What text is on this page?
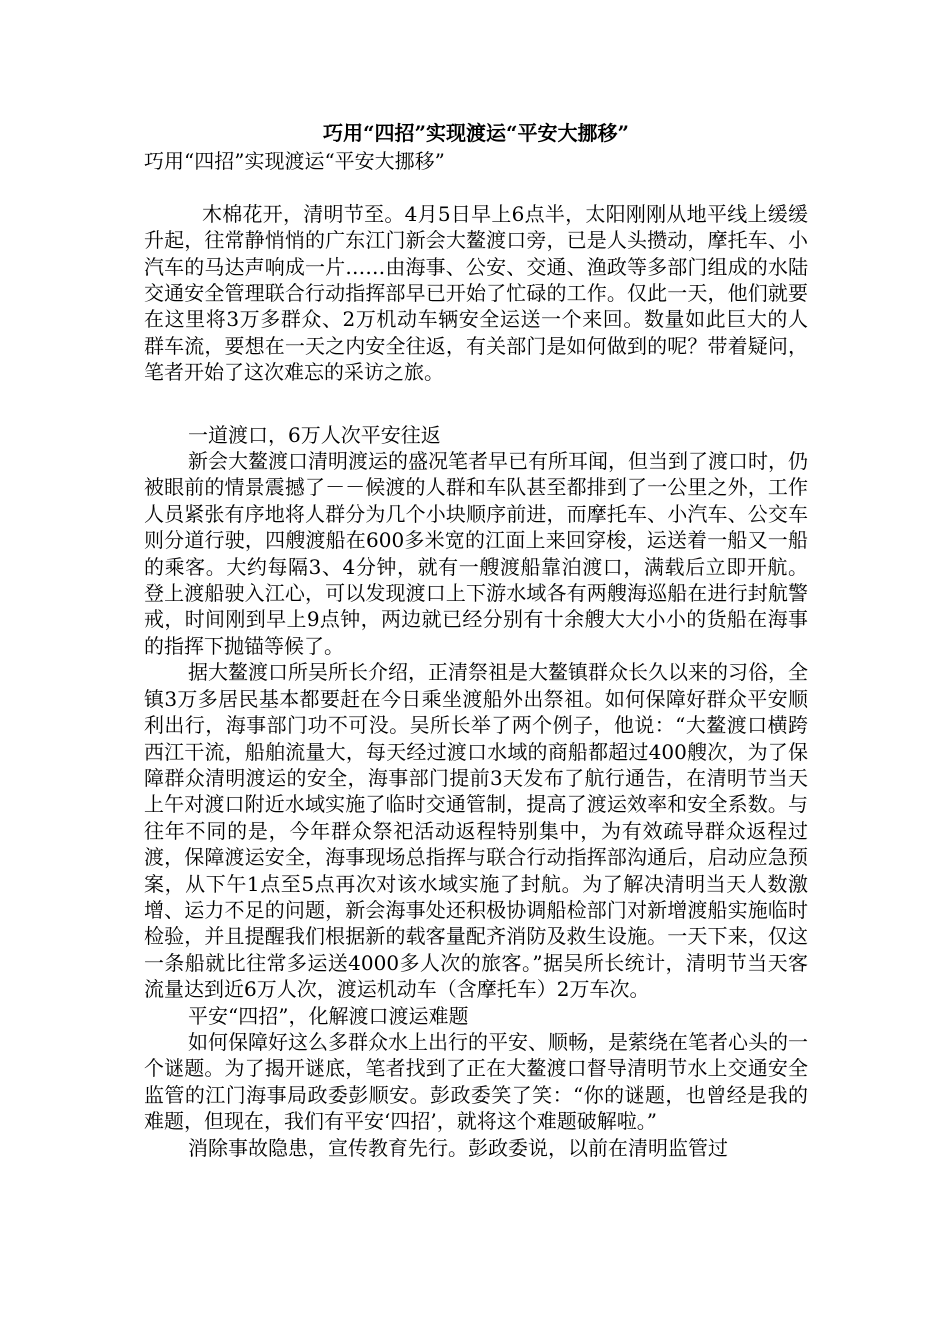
巧用“四招”实现渡运“平安大挪移”

巧用“四招”实现渡运“平安大挪移”

木棉花开，清明节至。4月5日早上6点半，太阳刚刚从地平线上缓缓升起，往常静悄悄的广东江门新会大鳌渡口旁，已是人头攒动，摩托车、小汽车的马达声响成一片……由海事、公安、交通、渔政等多部门组成的水陆交通安全管理联合行动指挥部早已开始了忙碌的工作。仅此一天，他们就要在这里将3万多群众、2万机动车辆安全运送一个来回。数量如此巨大的人群车流，要想在一天之内安全往返，有关部门是如何做到的呢？带着疑问，笔者开始了这次难忘的采访之旅。

一道渡口，6万人次平安往返

新会大鳌渡口清明渡运的盛况笔者早已有所耳闻，但当到了渡口时，仍被眼前的情景震撼了－－候渡的人群和车队甚至都排到了一公里之外，工作人员紧张有序地将人群分为几个小块顺序前进，而摩托车、小汽车、公交车则分道行驶，四艘渡船在600多米宽的江面上来回穿梭，运送着一船又一船的乘客。大约每隔3、4分钟，就有一艘渡船靠泊渡口，满载后立即开航。登上渡船驶入江心，可以发现渡口上下游水域各有两艘海巡船在进行封航警戒，时间刚到早上9点钟，两边就已经分别有十余艘大大小小的货船在海事的指挥下抛锚等候了。

据大鳌渡口所吴所长介绍，正清祭祖是大鳌镇群众长久以来的习俗，全镇3万多居民基本都要赶在今日乘坐渡船外出祭祖。如何保障好群众平安顺利出行，海事部门功不可没。吴所长举了两个例子，他说：“大鳌渡口横跨西江干流，船舶流量大，每天经过渡口水域的商船都超过400艘次，为了保障群众清明渡运的安全，海事部门提前3天发布了航行通告，在清明节当天上午对渡口附近水域实施了临时交通管制，提高了渡运效率和安全系数。与往年不同的是，今年群众祭祀活动返程特别集中，为有效疏导群众返程过渡，保障渡运安全，海事现场总指挥与联合行动指挥部沟通后，启动应急预案，从下午1点至5点再次对该水域实施了封航。为了解决清明当天人数激增、运力不足的问题，新会海事处还积极协调船检部门对新增渡船实施临时检验，并且提醒我们根据新的载客量配齐消防及救生设施。一天下来，仅这一条船就比往常多运送4000多人次的旅客。”据吴所长统计，清明节当天客流量达到近6万人次，渡运机动车（含摩托车）2万车次。

平安“四招”，化解渡口渡运难题

如何保障好这么多群众水上出行的平安、顺畅，是萦绕在笔者心头的一个谜题。为了揭开谜底，笔者找到了正在大鳌渡口督导清明节水上交通安全监管的江门海事局政委彭顺安。彭政委笑了笑：“你的谜题，也曾经是我的难题，但现在，我们有平安‘四招’，就将这个难题破解啦。”

消除事故隐患，宣传教育先行。彭政委说，以前在清明监管过
